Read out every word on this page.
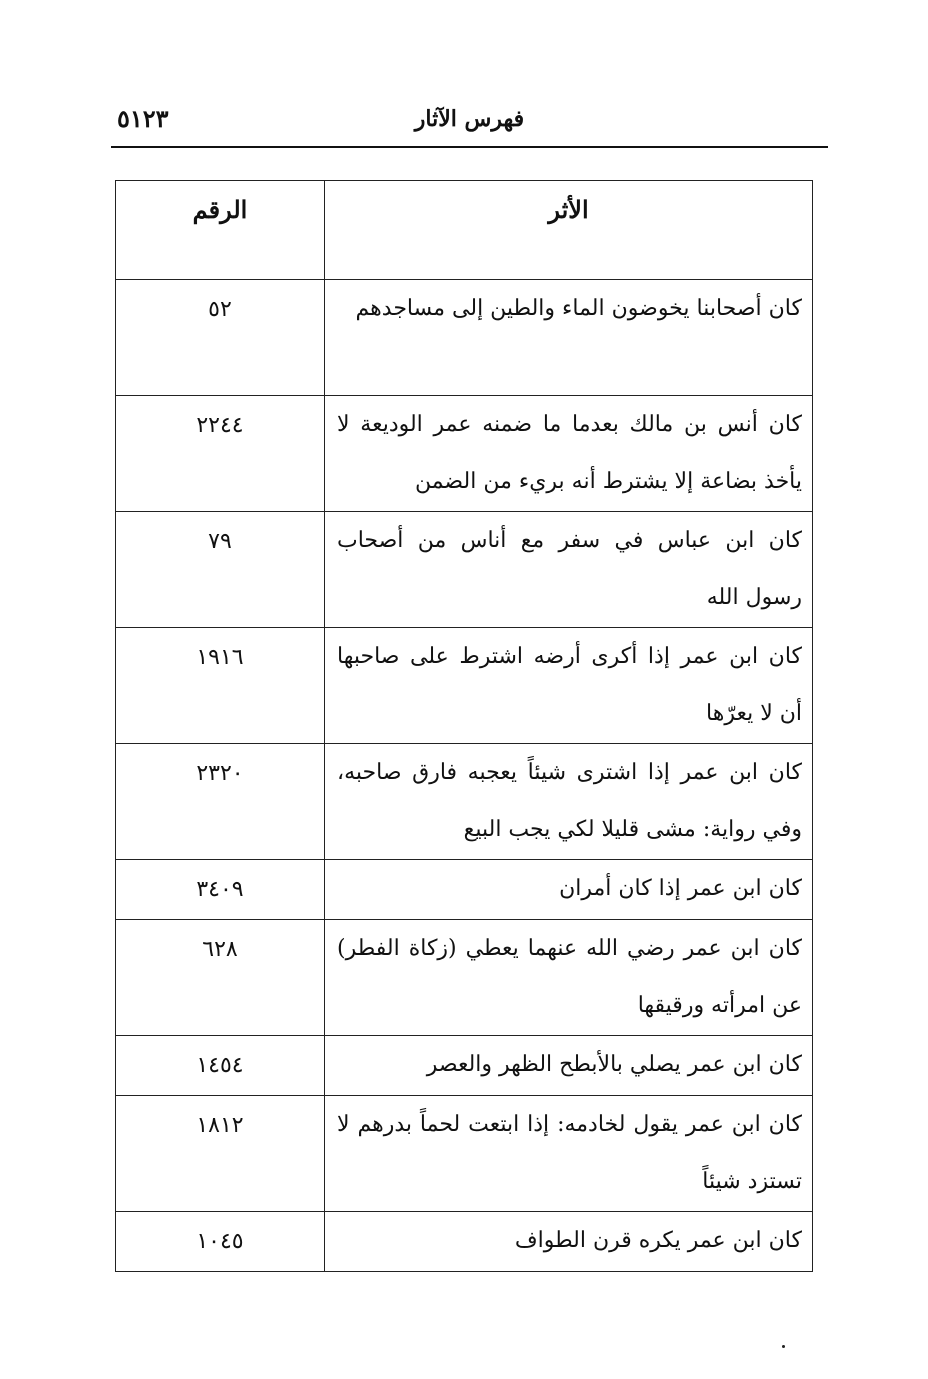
فهرس الآثار
٥١٢٣
الأثر	الرقم
كان أصحابنا يخوضون الماء والطين إلى مساجدهم	٥٢
كان أنس بن مالك بعدما ما ضمنه عمر الوديعة لا يأخذ بضاعة إلا يشترط أنه بريء من الضمن	٢٢٤٤
كان ابن عباس في سفر مع أناس من أصحاب رسول الله	٧٩
كان ابن عمر إذا أكرى أرضه اشترط على صاحبها أن لا يعرّها	١٩١٦
كان ابن عمر إذا اشترى شيئاً يعجبه فارق صاحبه، وفي رواية: مشى قليلا لكي يجب البيع	٢٣٢٠
كان ابن عمر إذا كان أمران	٣٤٠٩
كان ابن عمر رضي الله عنهما يعطي (زكاة الفطر) عن امرأته ورقيقها	٦٢٨
كان ابن عمر يصلي بالأبطح الظهر والعصر	١٤٥٤
كان ابن عمر يقول لخادمه: إذا ابتعت لحماً بدرهم لا تستزد شيئاً	١٨١٢
كان ابن عمر يكره قرن الطواف	١٠٤٥
